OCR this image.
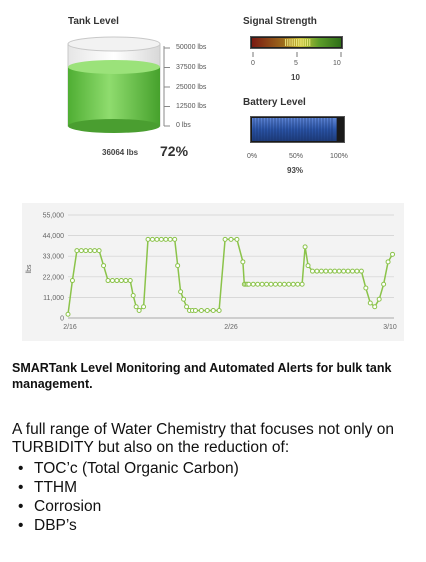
Tank Level
50000 lbs
37500 lbs
25000 lbs
12500 lbs
0 lbs
36064 lbs 72%
Signal Strength
0	5	10
10
Battery Level
0%	50%	100%
93%
55,000
44,000
33,000
22,000
11,000
0
2/16	2/26	3/10
lbs
SMARTank Level Monitoring and Automated Alerts for bulk tank management.
A full range of Water Chemistry that focuses not only on TURBIDITY but also on the reduction of:
• TOC’c (Total Organic Carbon)
• TTHM
• Corrosion
• DBP’s
